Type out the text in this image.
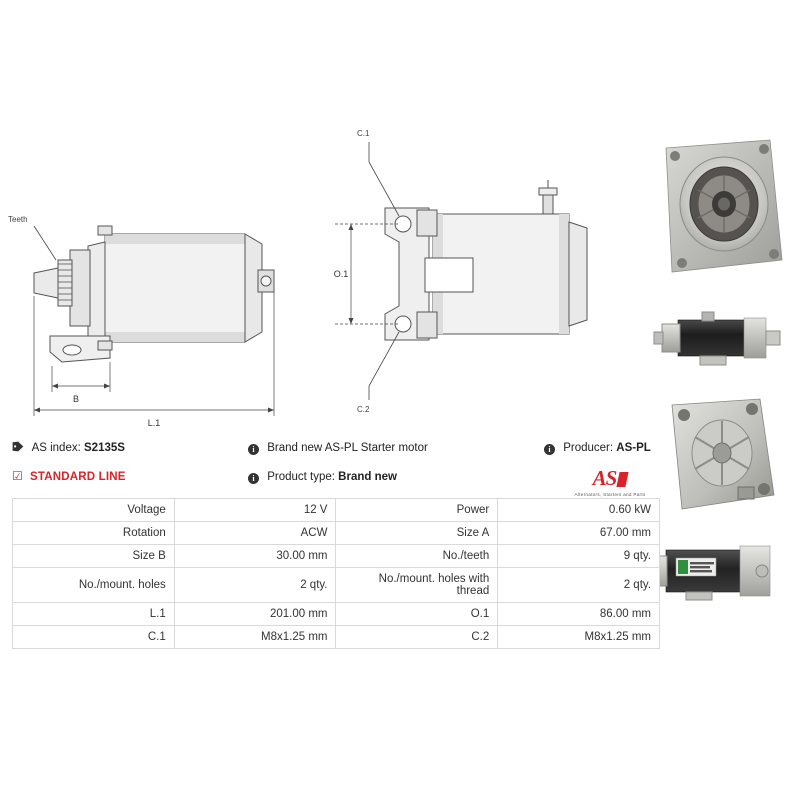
Teeth
B
L.1
C.1
C.2
O.1
AS index: S2135S	i Brand new AS-PL Starter motor	i Producer: AS-PL
☑ STANDARD LINE	i Product type: Brand new	AS
Alternators, Starters and Parts
Voltage	12 V	Power	0.60 kW
Rotation	ACW	Size A	67.00 mm
Size B	30.00 mm	No./teeth	9 qty.
No./mount. holes	2 qty.	No./mount. holes with thread	2 qty.
L.1	201.00 mm	O.1	86.00 mm
C.1	M8x1.25 mm	C.2	M8x1.25 mm
